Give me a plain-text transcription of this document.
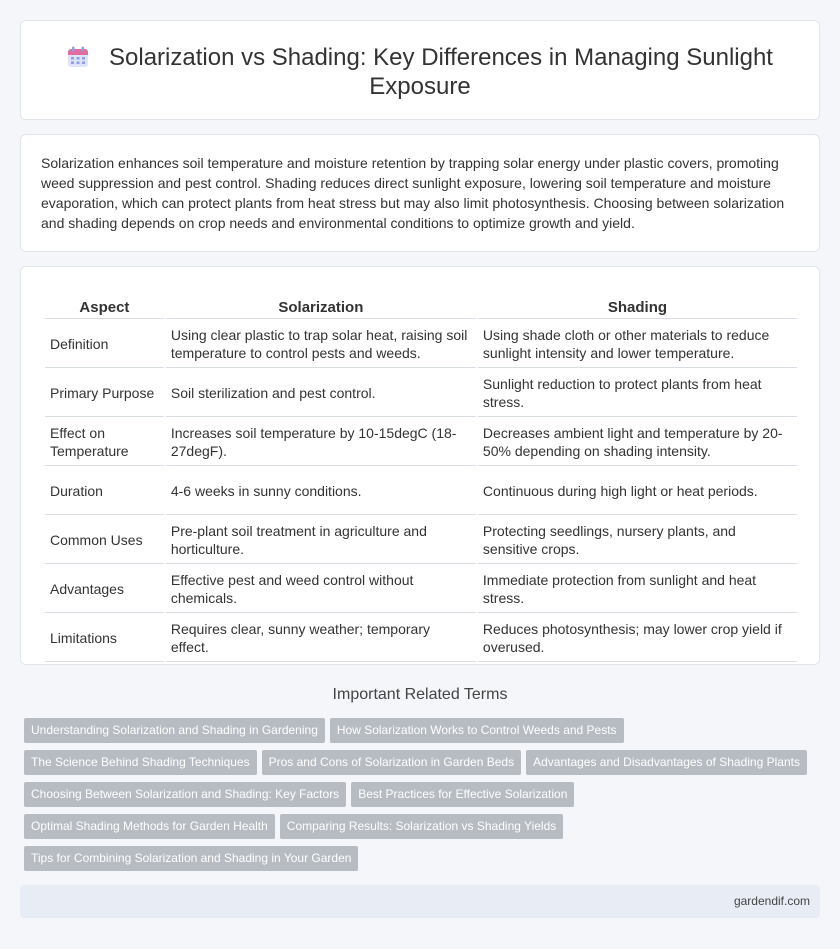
Solarization vs Shading: Key Differences in Managing Sunlight Exposure

Solarization enhances soil temperature and moisture retention by trapping solar energy under plastic covers, promoting weed suppression and pest control. Shading reduces direct sunlight exposure, lowering soil temperature and moisture evaporation, which can protect plants from heat stress but may also limit photosynthesis. Choosing between solarization and shading depends on crop needs and environmental conditions to optimize growth and yield.

Aspect	Solarization	Shading
Definition	Using clear plastic to trap solar heat, raising soil temperature to control pests and weeds.	Using shade cloth or other materials to reduce sunlight intensity and lower temperature.
Primary Purpose	Soil sterilization and pest control.	Sunlight reduction to protect plants from heat stress.
Effect on Temperature	Increases soil temperature by 10-15degC (18-27degF).	Decreases ambient light and temperature by 20-50% depending on shading intensity.
Duration	4-6 weeks in sunny conditions.	Continuous during high light or heat periods.
Common Uses	Pre-plant soil treatment in agriculture and horticulture.	Protecting seedlings, nursery plants, and sensitive crops.
Advantages	Effective pest and weed control without chemicals.	Immediate protection from sunlight and heat stress.
Limitations	Requires clear, sunny weather; temporary effect.	Reduces photosynthesis; may lower crop yield if overused.
Important Related Terms
Understanding Solarization and Shading in Gardening How Solarization Works to Control Weeds and Pests
The Science Behind Shading Techniques Pros and Cons of Solarization in Garden Beds Advantages and Disadvantages of Shading Plants
Choosing Between Solarization and Shading: Key Factors Best Practices for Effective Solarization
Optimal Shading Methods for Garden Health Comparing Results: Solarization vs Shading Yields
Tips for Combining Solarization and Shading in Your Garden
gardendif.com
